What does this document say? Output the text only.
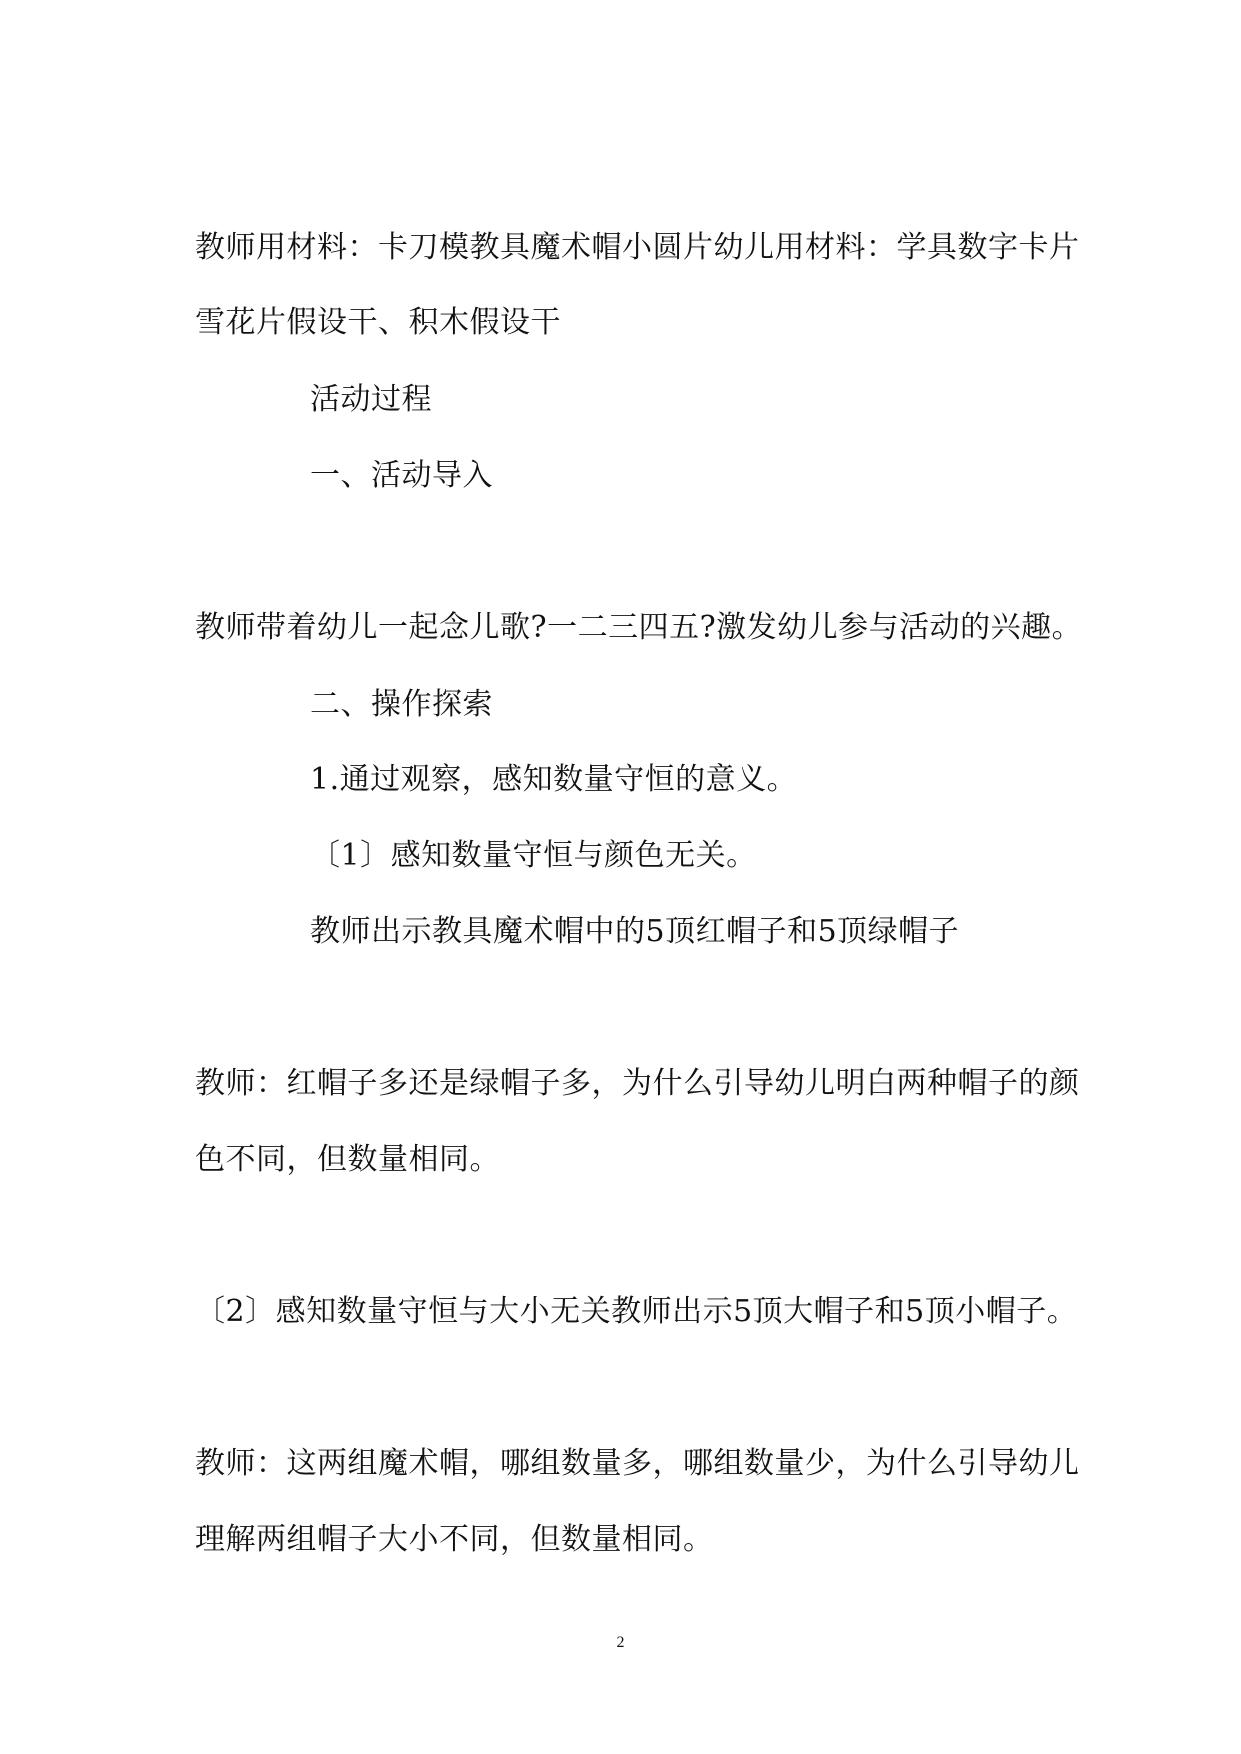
教师用材料：卡刀模教具魔术帽小圆片幼儿用材料：学具数字卡片
雪花片假设干、积木假设干
活动过程
一、活动导入
教师带着幼儿一起念儿歌?一二三四五?激发幼儿参与活动的兴趣。
二、操作探索
1.通过观察，感知数量守恒的意义。
〔1〕感知数量守恒与颜色无关。
教师出示教具魔术帽中的5顶红帽子和5顶绿帽子
教师：红帽子多还是绿帽子多，为什么引导幼儿明白两种帽子的颜
色不同，但数量相同。
〔2〕感知数量守恒与大小无关教师出示5顶大帽子和5顶小帽子。
教师：这两组魔术帽，哪组数量多，哪组数量少，为什么引导幼儿
理解两组帽子大小不同，但数量相同。
2
